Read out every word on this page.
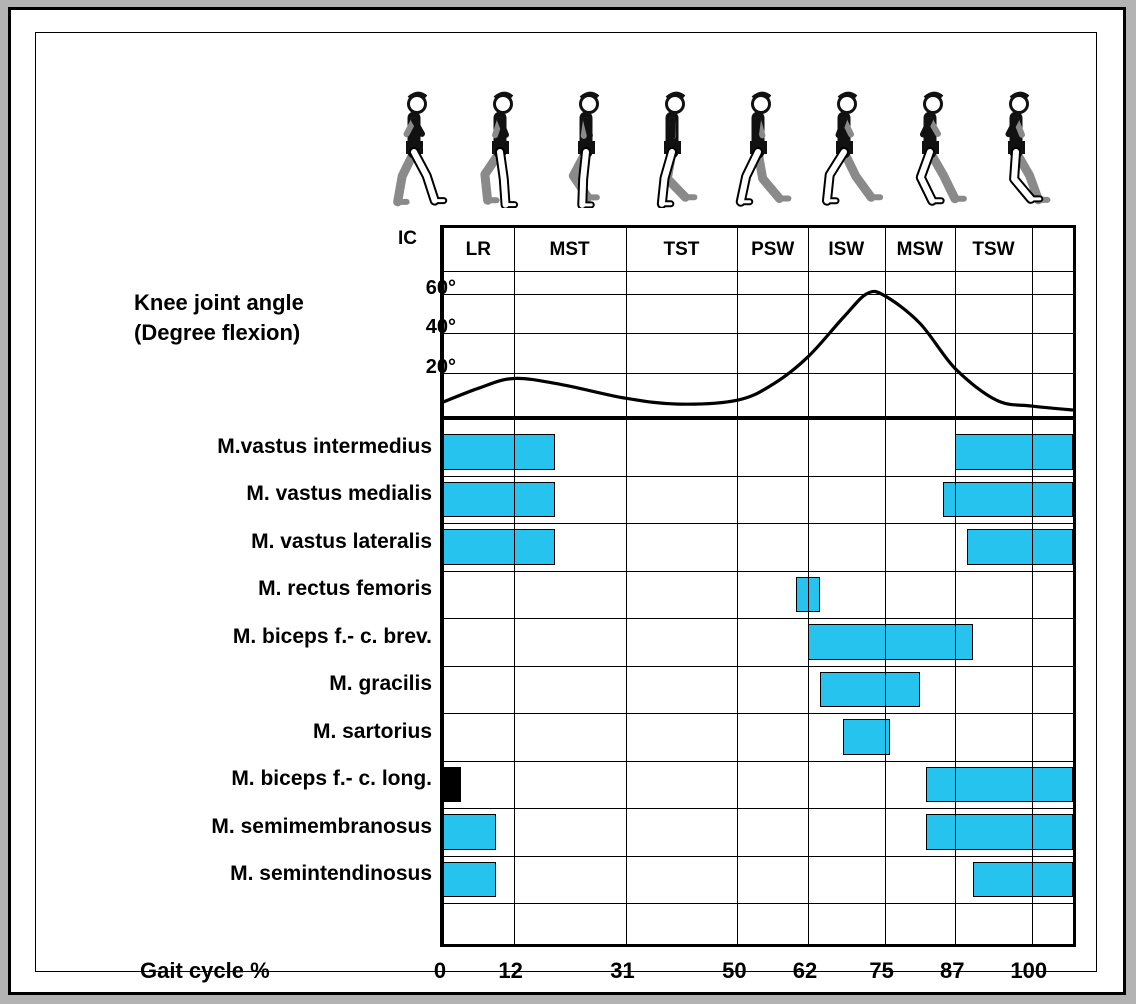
Knee joint angle
(Degree flexion)
IC
M.vastus intermedius
M. vastus medialis
M. vastus lateralis
M. rectus femoris
M. biceps f.- c. brev.
M. gracilis
M. sartorius
M. biceps f.- c. long.
M. semimembranosus
M. semintendinosus
LR	MST	TST	PSW	ISW	MSW	TSW
Gait cycle %	0	12	31	50	62	75	87	100
20°
40°
60°
